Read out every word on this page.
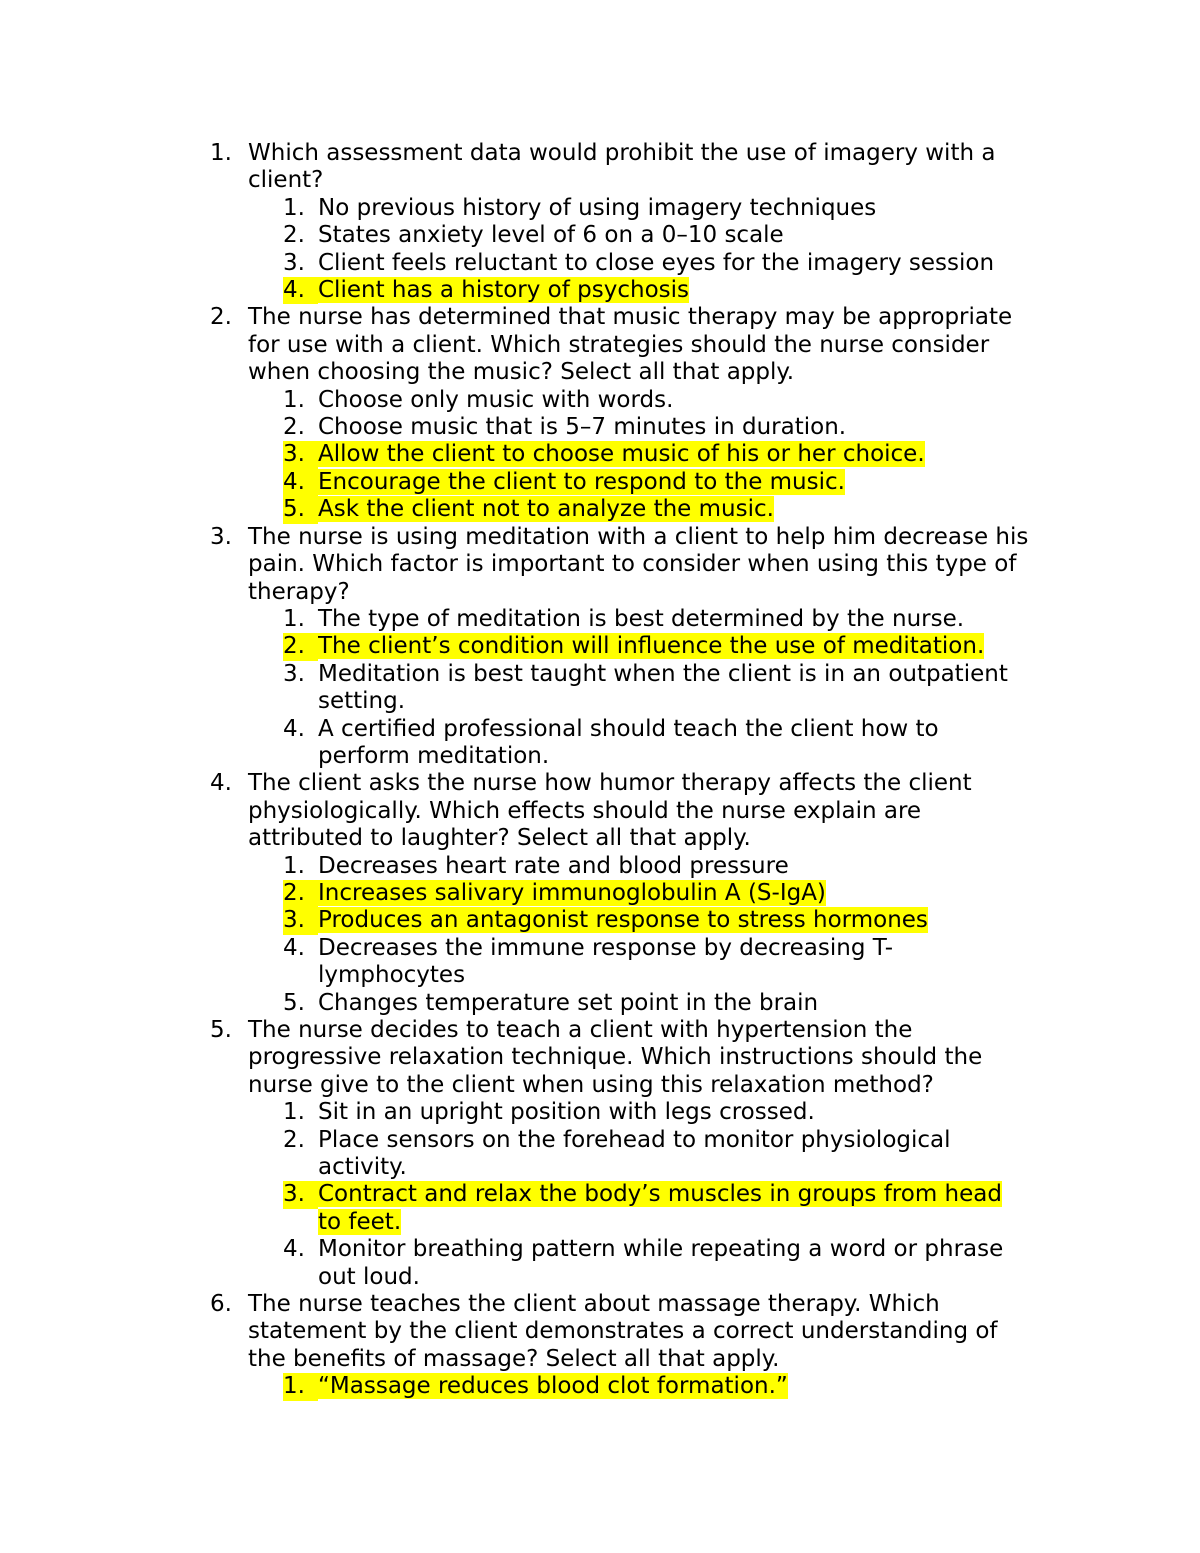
1. Which assessment data would prohibit the use of imagery with a client?
1. No previous history of using imagery techniques
2. States anxiety level of 6 on a 0–10 scale
3. Client feels reluctant to close eyes for the imagery session
4. Client has a history of psychosis
2. The nurse has determined that music therapy may be appropriate for use with a client. Which strategies should the nurse consider when choosing the music? Select all that apply.
1. Choose only music with words.
2. Choose music that is 5–7 minutes in duration.
3. Allow the client to choose music of his or her choice.
4. Encourage the client to respond to the music.
5. Ask the client not to analyze the music.
3. The nurse is using meditation with a client to help him decrease his pain. Which factor is important to consider when using this type of therapy?
1. The type of meditation is best determined by the nurse.
2. The client’s condition will influence the use of meditation.
3. Meditation is best taught when the client is in an outpatient setting.
4. A certified professional should teach the client how to perform meditation.
4. The client asks the nurse how humor therapy affects the client physiologically. Which effects should the nurse explain are attributed to laughter? Select all that apply.
1. Decreases heart rate and blood pressure
2. Increases salivary immunoglobulin A (S-IgA)
3. Produces an antagonist response to stress hormones
4. Decreases the immune response by decreasing T-lymphocytes
5. Changes temperature set point in the brain
5. The nurse decides to teach a client with hypertension the progressive relaxation technique. Which instructions should the nurse give to the client when using this relaxation method?
1. Sit in an upright position with legs crossed.
2. Place sensors on the forehead to monitor physiological activity.
3. Contract and relax the body’s muscles in groups from head to feet.
4. Monitor breathing pattern while repeating a word or phrase out loud.
6. The nurse teaches the client about massage therapy. Which statement by the client demonstrates a correct understanding of the benefits of massage? Select all that apply.
1. “Massage reduces blood clot formation.”
